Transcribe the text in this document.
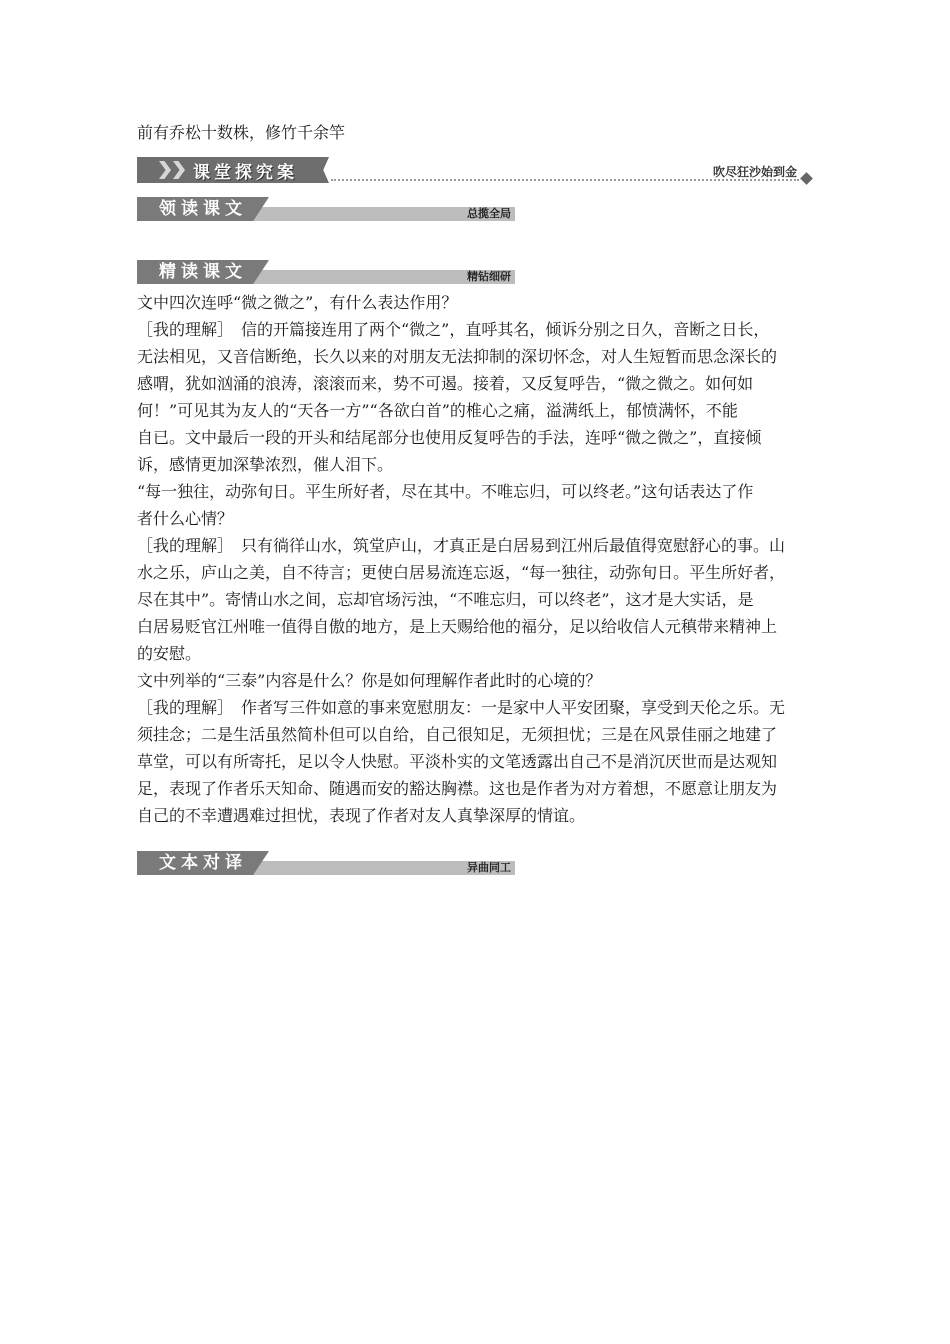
前有乔松十数株，修竹千余竿
课堂探究案	吹尽狂沙始到金
领读课文	总揽全局
精读课文	精钻细研
文中四次连呼“微之微之”，有什么表达作用？
［我的理解］　信的开篇接连用了两个“微之”，直呼其名，倾诉分别之日久，音断之日长，
无法相见，又音信断绝，长久以来的对朋友无法抑制的深切怀念，对人生短暂而思念深长的
感喟，犹如汹涌的浪涛，滚滚而来，势不可遏。接着，又反复呼告，“微之微之。如何如
何！”可见其为友人的“天各一方”“各欲白首”的椎心之痛，溢满纸上，郁愤满怀，不能
自已。文中最后一段的开头和结尾部分也使用反复呼告的手法，连呼“微之微之”，直接倾
诉，感情更加深挚浓烈，催人泪下。
“每一独往，动弥旬日。平生所好者，尽在其中。不唯忘归，可以终老。”这句话表达了作
者什么心情？
［我的理解］　只有徜徉山水，筑堂庐山，才真正是白居易到江州后最值得宽慰舒心的事。山
水之乐，庐山之美，自不待言；更使白居易流连忘返，“每一独往，动弥旬日。平生所好者，
尽在其中”。寄情山水之间，忘却官场污浊，“不唯忘归，可以终老”，这才是大实话，是
白居易贬官江州唯一值得自傲的地方，是上天赐给他的福分，足以给收信人元稹带来精神上
的安慰。
文中列举的“三泰”内容是什么？你是如何理解作者此时的心境的？
［我的理解］　作者写三件如意的事来宽慰朋友：一是家中人平安团聚，享受到天伦之乐。无
须挂念；二是生活虽然简朴但可以自给，自己很知足，无须担忧；三是在风景佳丽之地建了
草堂，可以有所寄托，足以令人快慰。平淡朴实的文笔透露出自己不是消沉厌世而是达观知
足，表现了作者乐天知命、随遇而安的豁达胸襟。这也是作者为对方着想，不愿意让朋友为
自己的不幸遭遇难过担忧，表现了作者对友人真挚深厚的情谊。
文本对译	异曲同工
